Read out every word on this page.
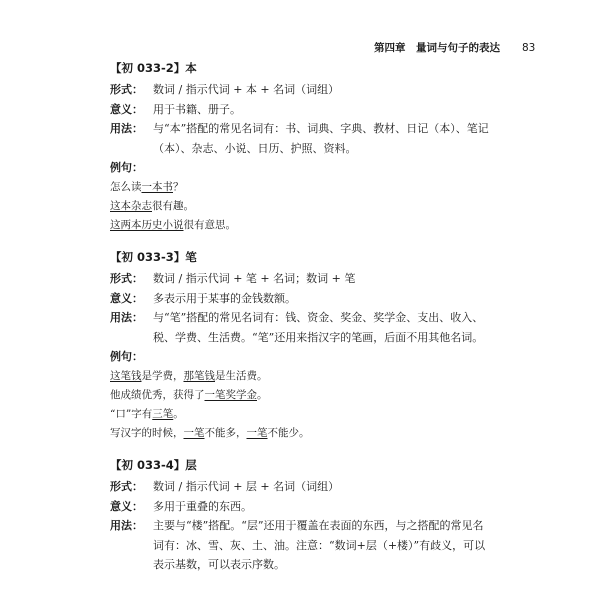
第四章　量词与句子的表达 83
【初 033-2】本
形式： 数词 / 指示代词 + 本 + 名词（词组）
意义： 用于书籍、册子。
用法： 与“本”搭配的常见名词有：书、词典、字典、教材、日记（本）、笔记（本）、杂志、小说、日历、护照、资料。
例句：
怎么读一本书？
这本杂志很有趣。
这两本历史小说很有意思。
【初 033-3】笔
形式： 数词 / 指示代词 + 笔 + 名词；数词 + 笔
意义： 多表示用于某事的金钱数额。
用法： 与“笔”搭配的常见名词有：钱、资金、奖金、奖学金、支出、收入、税、学费、生活费。“笔”还用来指汉字的笔画，后面不用其他名词。
例句：
这笔钱是学费，那笔钱是生活费。
他成绩优秀，获得了一笔奖学金。
“口”字有三笔。
写汉字的时候，一笔不能多，一笔不能少。
【初 033-4】层
形式： 数词 / 指示代词 + 层 + 名词（词组）
意义： 多用于重叠的东西。
用法： 主要与“楼”搭配。“层”还用于覆盖在表面的东西，与之搭配的常见名词有：冰、雪、灰、土、油。注意：“数词+层（+楼）”有歧义，可以表示基数，可以表示序数。
